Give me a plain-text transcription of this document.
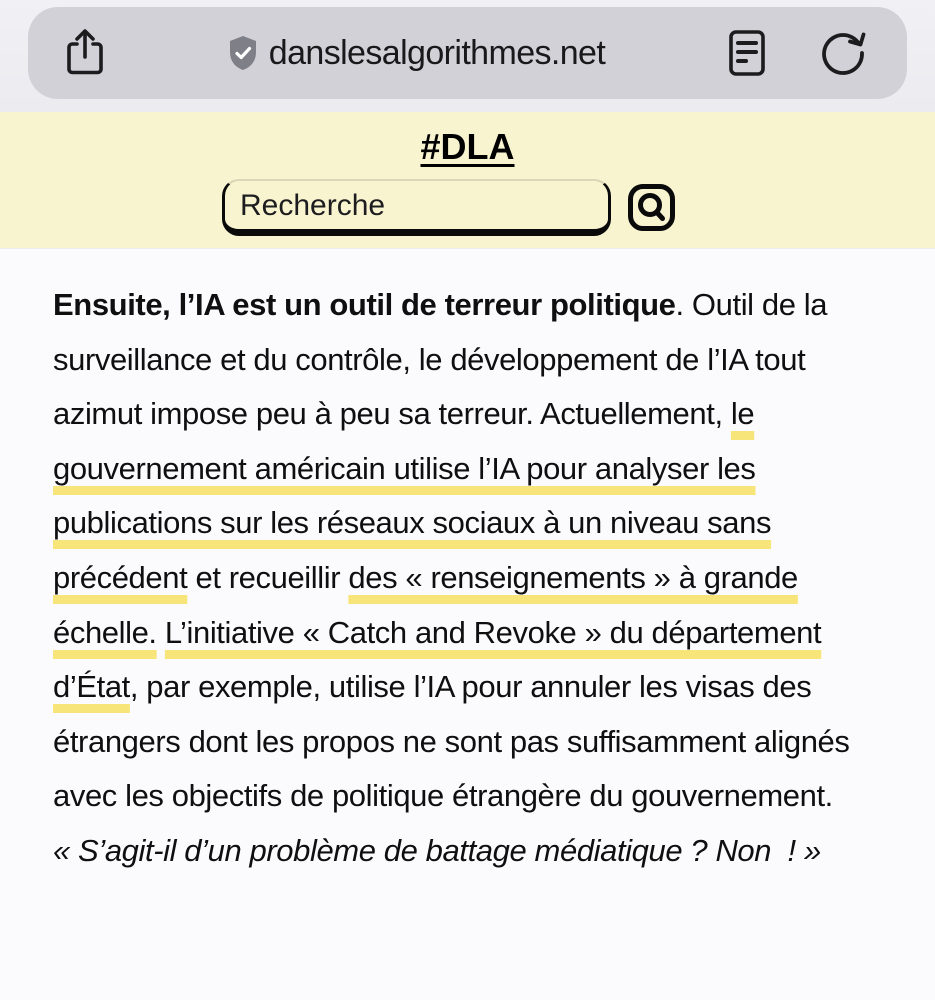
danslesalgorithmes.net
#DLA
Recherche

Ensuite, l’IA est un outil de terreur politique. Outil de la surveillance et du contrôle, le développement de l’IA tout azimut impose peu à peu sa terreur. Actuellement, le gouvernement américain utilise l’IA pour analyser les publications sur les réseaux sociaux à un niveau sans précédent et recueillir des « renseignements » à grande échelle. L’initiative « Catch and Revoke » du département d’État, par exemple, utilise l’IA pour annuler les visas des étrangers dont les propos ne sont pas suffisamment alignés avec les objectifs de politique étrangère du gouvernement. « S’agit-il d’un problème de battage médiatique ? Non  ! »
